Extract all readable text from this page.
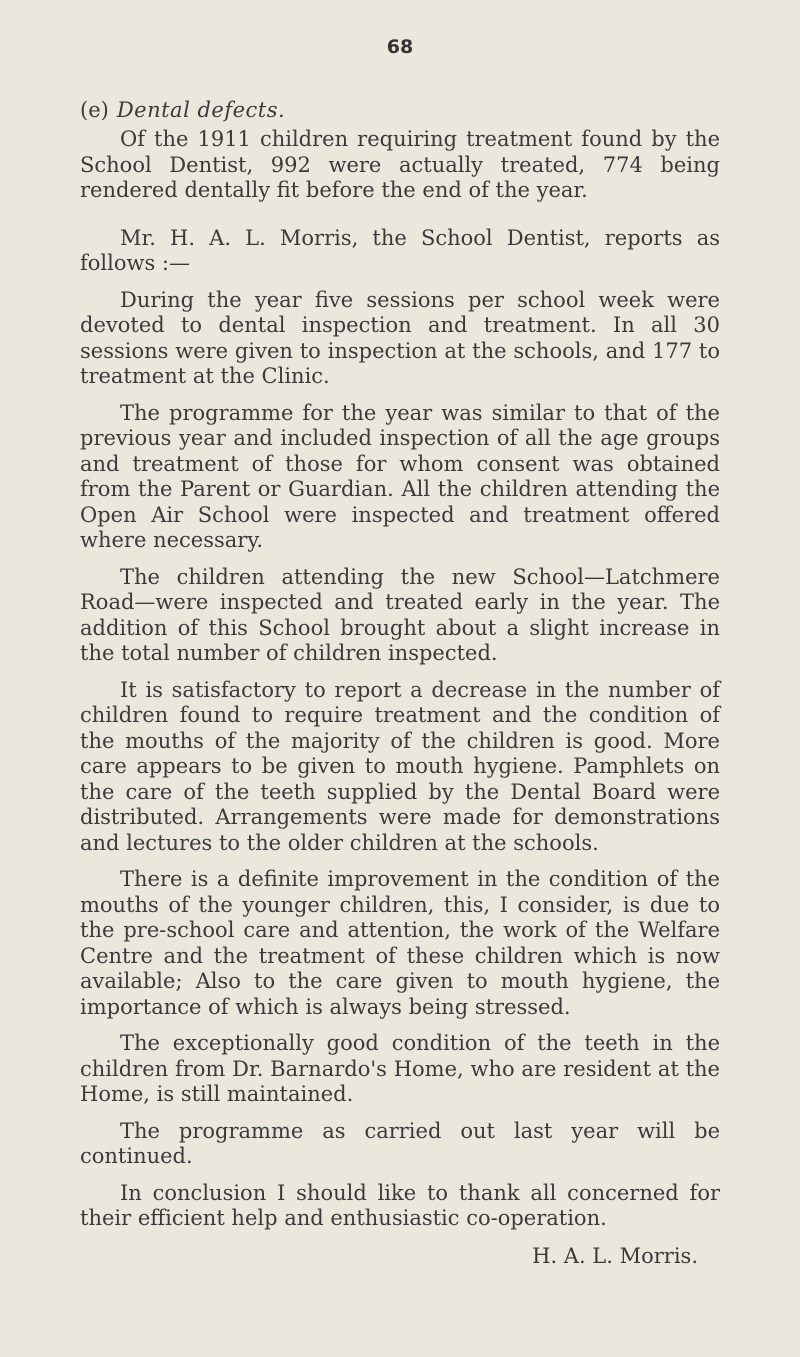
68
(e) Dental defects.

Of the 1911 children requiring treatment found by the School Dentist, 992 were actually treated, 774 being rendered dentally fit before the end of the year.

Mr. H. A. L. Morris, the School Dentist, reports as follows :—

During the year five sessions per school week were devoted to dental inspection and treatment. In all 30 sessions were given to inspection at the schools, and 177 to treatment at the Clinic.

The programme for the year was similar to that of the previous year and included inspection of all the age groups and treatment of those for whom consent was obtained from the Parent or Guardian. All the children attending the Open Air School were inspected and treatment offered where necessary.

The children attending the new School—Latchmere Road—were inspected and treated early in the year. The addition of this School brought about a slight increase in the total number of children inspected.

It is satisfactory to report a decrease in the number of children found to require treatment and the condition of the mouths of the majority of the children is good. More care appears to be given to mouth hygiene. Pamphlets on the care of the teeth supplied by the Dental Board were distributed. Arrangements were made for demonstrations and lectures to the older children at the schools.

There is a definite improvement in the condition of the mouths of the younger children, this, I consider, is due to the pre-school care and attention, the work of the Welfare Centre and the treatment of these children which is now available; Also to the care given to mouth hygiene, the importance of which is always being stressed.

The exceptionally good condition of the teeth in the children from Dr. Barnardo's Home, who are resident at the Home, is still maintained.

The programme as carried out last year will be continued.

In conclusion I should like to thank all concerned for their efficient help and enthusiastic co-operation.

H. A. L. Morris.
